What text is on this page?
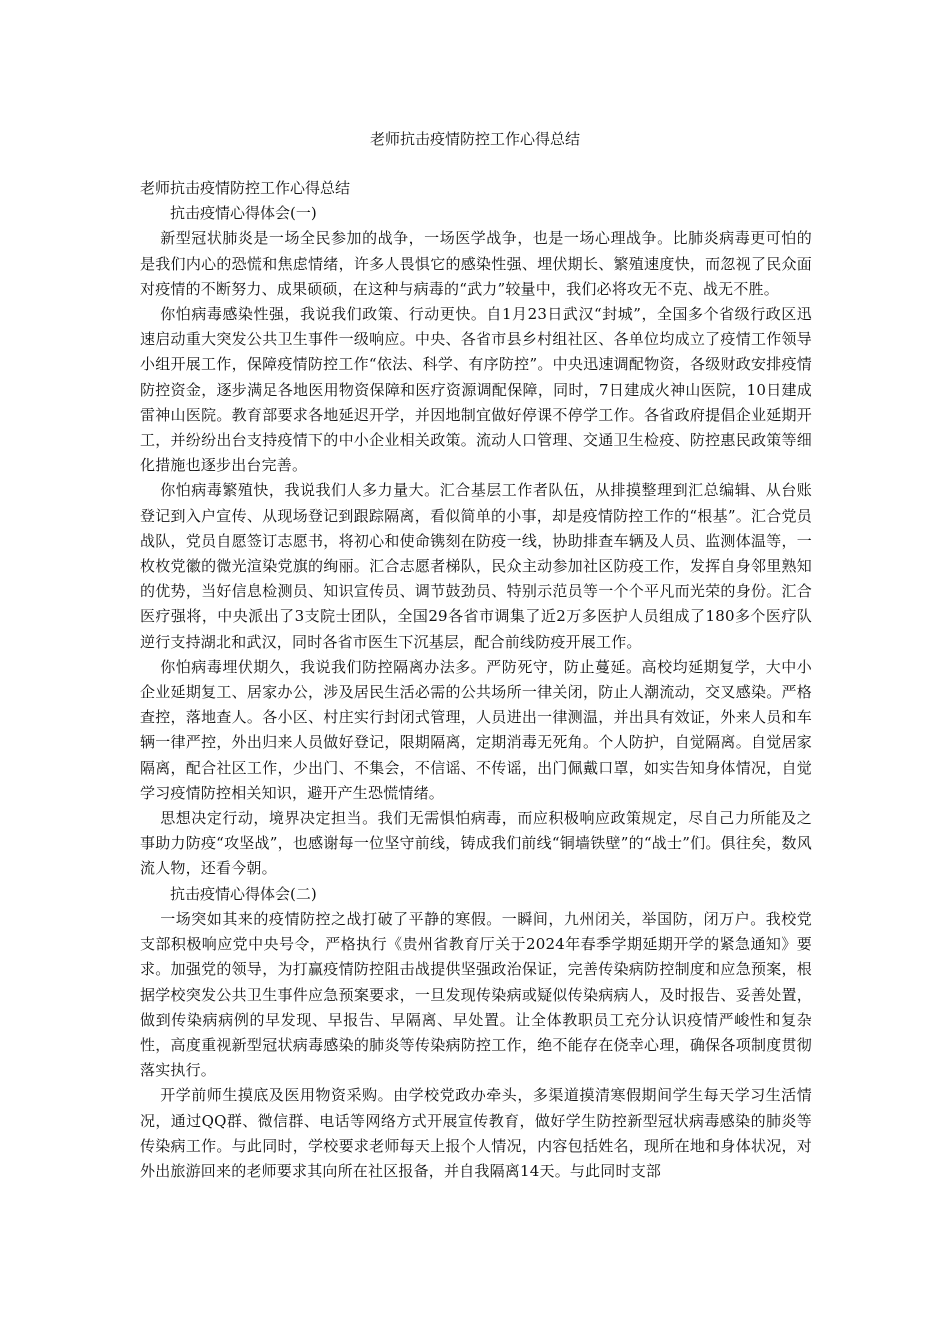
老师抗击疫情防控工作心得总结

老师抗击疫情防控工作心得总结

抗击疫情心得体会(一)

新型冠状肺炎是一场全民参加的战争，一场医学战争，也是一场心理战争。比肺炎病毒更可怕的是我们内心的恐慌和焦虑情绪，许多人畏惧它的感染性强、埋伏期长、繁殖速度快，而忽视了民众面对疫情的不断努力、成果硕硕，在这种与病毒的“武力”较量中，我们必将攻无不克、战无不胜。

你怕病毒感染性强，我说我们政策、行动更快。自1月23日武汉“封城”，全国多个省级行政区迅速启动重大突发公共卫生事件一级响应。中央、各省市县乡村组社区、各单位均成立了疫情工作领导小组开展工作，保障疫情防控工作“依法、科学、有序防控”。中央迅速调配物资，各级财政安排疫情防控资金，逐步满足各地医用物资保障和医疗资源调配保障，同时，7日建成火神山医院，10日建成雷神山医院。教育部要求各地延迟开学，并因地制宜做好停课不停学工作。各省政府提倡企业延期开工，并纷纷出台支持疫情下的中小企业相关政策。流动人口管理、交通卫生检疫、防控惠民政策等细化措施也逐步出台完善。

你怕病毒繁殖快，我说我们人多力量大。汇合基层工作者队伍，从排摸整理到汇总编辑、从台账登记到入户宣传、从现场登记到跟踪隔离，看似简单的小事，却是疫情防控工作的“根基”。汇合党员战队，党员自愿签订志愿书，将初心和使命镌刻在防疫一线，协助排查车辆及人员、监测体温等，一枚枚党徽的微光渲染党旗的绚丽。汇合志愿者梯队，民众主动参加社区防疫工作，发挥自身邻里熟知的优势，当好信息检测员、知识宣传员、调节鼓劲员、特别示范员等一个个平凡而光荣的身份。汇合医疗强将，中央派出了3支院士团队，全国29各省市调集了近2万多医护人员组成了180多个医疗队逆行支持湖北和武汉，同时各省市医生下沉基层，配合前线防疫开展工作。

你怕病毒埋伏期久，我说我们防控隔离办法多。严防死守，防止蔓延。高校均延期复学，大中小企业延期复工、居家办公，涉及居民生活必需的公共场所一律关闭，防止人潮流动，交叉感染。严格查控，落地查人。各小区、村庄实行封闭式管理，人员进出一律测温，并出具有效证，外来人员和车辆一律严控，外出归来人员做好登记，限期隔离，定期消毒无死角。个人防护，自觉隔离。自觉居家隔离，配合社区工作，少出门、不集会，不信谣、不传谣，出门佩戴口罩，如实告知身体情况，自觉学习疫情防控相关知识，避开产生恐慌情绪。

思想决定行动，境界决定担当。我们无需惧怕病毒，而应积极响应政策规定，尽自己力所能及之事助力防疫“攻坚战”，也感谢每一位坚守前线，铸成我们前线“铜墙铁壁”的“战士”们。俱往矣，数风流人物，还看今朝。

抗击疫情心得体会(二)

一场突如其来的疫情防控之战打破了平静的寒假。一瞬间，九州闭关，举国防，闭万户。我校党支部积极响应党中央号令，严格执行《贵州省教育厅关于2024年春季学期延期开学的紧急通知》要求。加强党的领导，为打赢疫情防控阻击战提供坚强政治保证，完善传染病防控制度和应急预案，根据学校突发公共卫生事件应急预案要求，一旦发现传染病或疑似传染病病人，及时报告、妥善处置，做到传染病病例的早发现、早报告、早隔离、早处置。让全体教职员工充分认识疫情严峻性和复杂性，高度重视新型冠状病毒感染的肺炎等传染病防控工作，绝不能存在侥幸心理，确保各项制度贯彻落实执行。

开学前师生摸底及医用物资采购。由学校党政办牵头，多渠道摸清寒假期间学生每天学习生活情况，通过QQ群、微信群、电话等网络方式开展宣传教育，做好学生防控新型冠状病毒感染的肺炎等传染病工作。与此同时，学校要求老师每天上报个人情况，内容包括姓名，现所在地和身体状况，对外出旅游回来的老师要求其向所在社区报备，并自我隔离14天。与此同时支部
